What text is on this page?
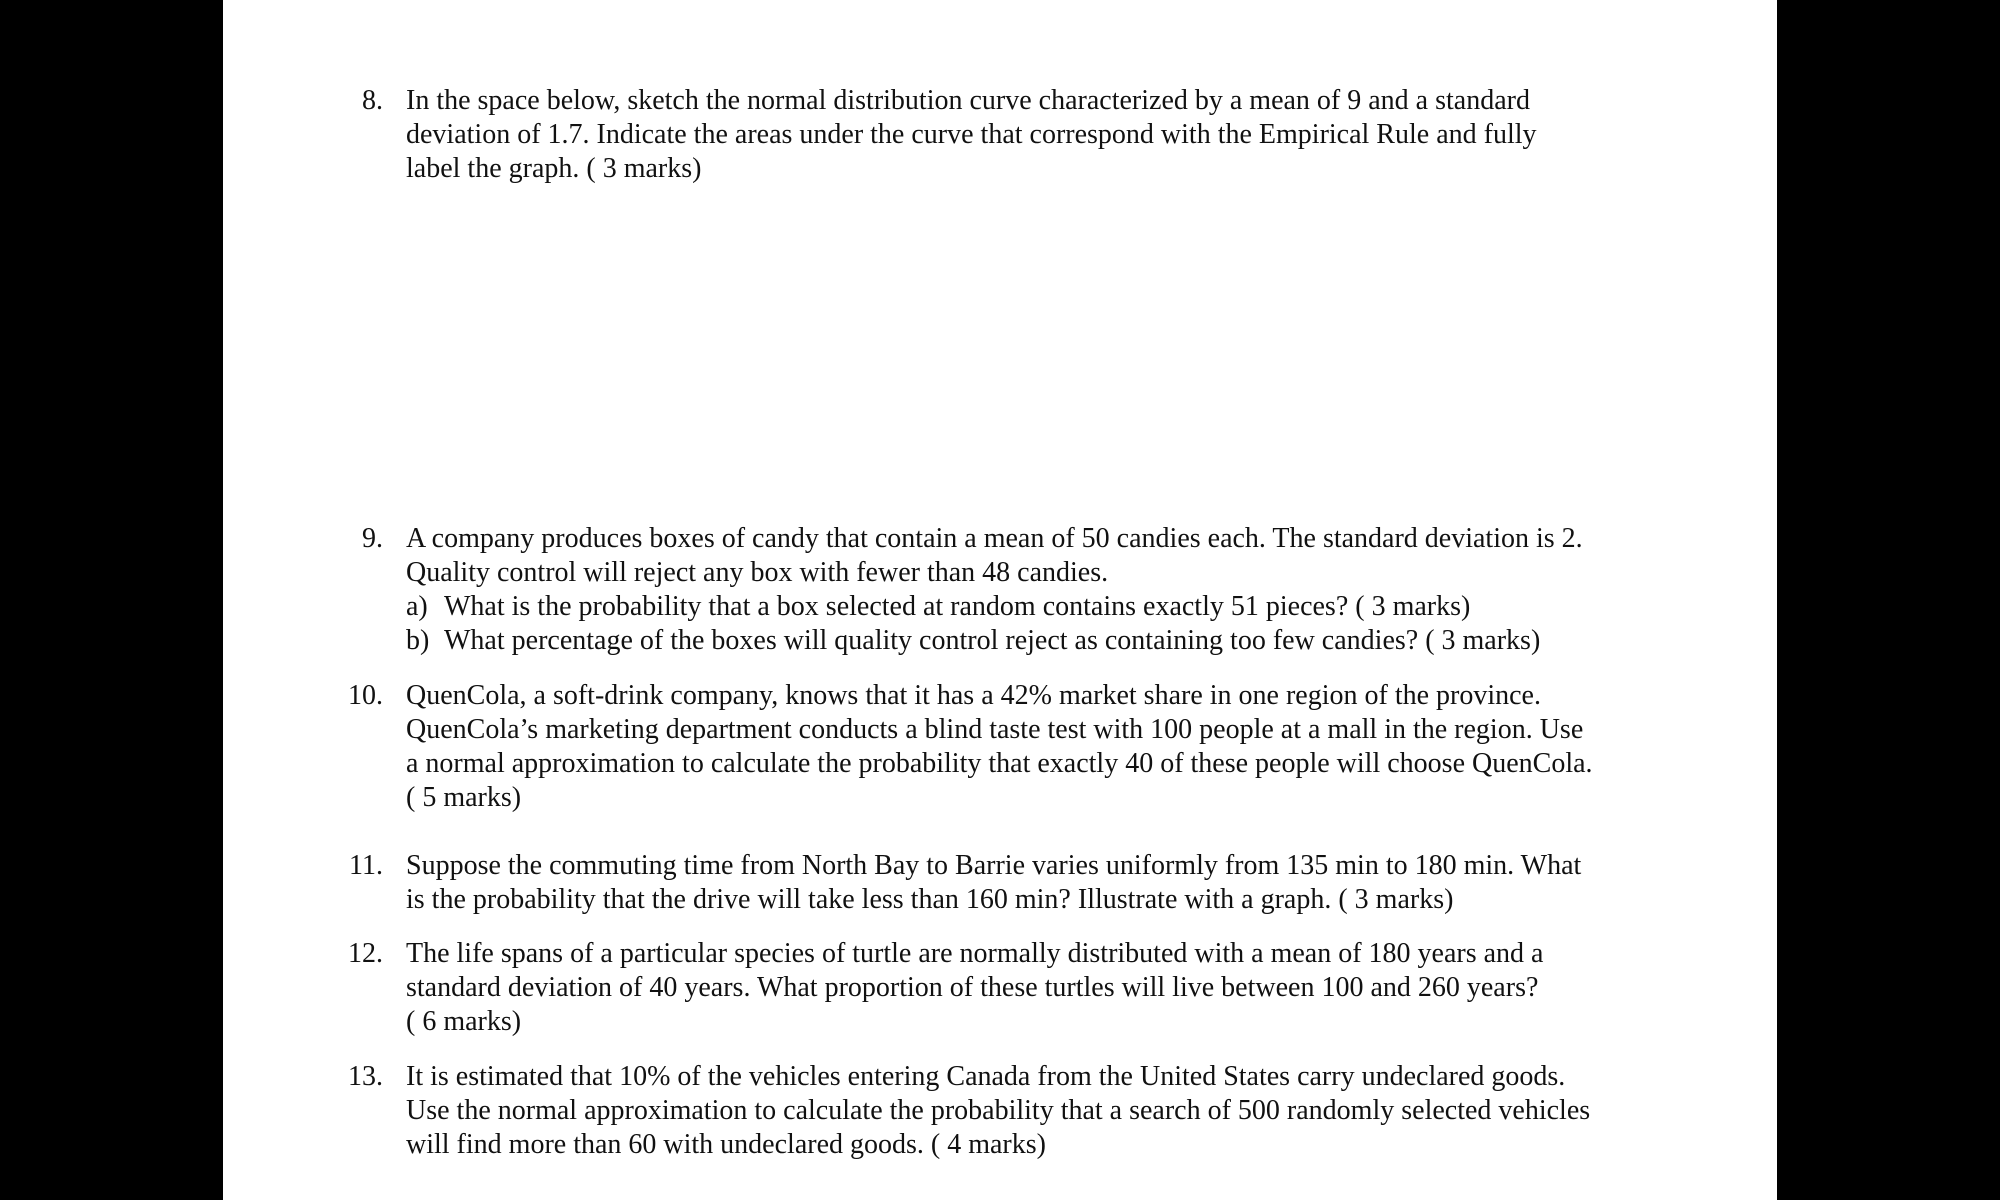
8. In the space below, sketch the normal distribution curve characterized by a mean of 9 and a standard
deviation of 1.7. Indicate the areas under the curve that correspond with the Empirical Rule and fully
label the graph. ( 3 marks)
9. A company produces boxes of candy that contain a mean of 50 candies each. The standard deviation is 2.
Quality control will reject any box with fewer than 48 candies.
a) What is the probability that a box selected at random contains exactly 51 pieces? ( 3 marks)
b) What percentage of the boxes will quality control reject as containing too few candies? ( 3 marks)
10. QuenCola, a soft-drink company, knows that it has a 42% market share in one region of the province.
QuenCola’s marketing department conducts a blind taste test with 100 people at a mall in the region. Use
a normal approximation to calculate the probability that exactly 40 of these people will choose QuenCola.
( 5 marks)
11. Suppose the commuting time from North Bay to Barrie varies uniformly from 135 min to 180 min. What
is the probability that the drive will take less than 160 min? Illustrate with a graph. ( 3 marks)
12. The life spans of a particular species of turtle are normally distributed with a mean of 180 years and a
standard deviation of 40 years. What proportion of these turtles will live between 100 and 260 years?
( 6 marks)
13. It is estimated that 10% of the vehicles entering Canada from the United States carry undeclared goods.
Use the normal approximation to calculate the probability that a search of 500 randomly selected vehicles
will find more than 60 with undeclared goods. ( 4 marks)
